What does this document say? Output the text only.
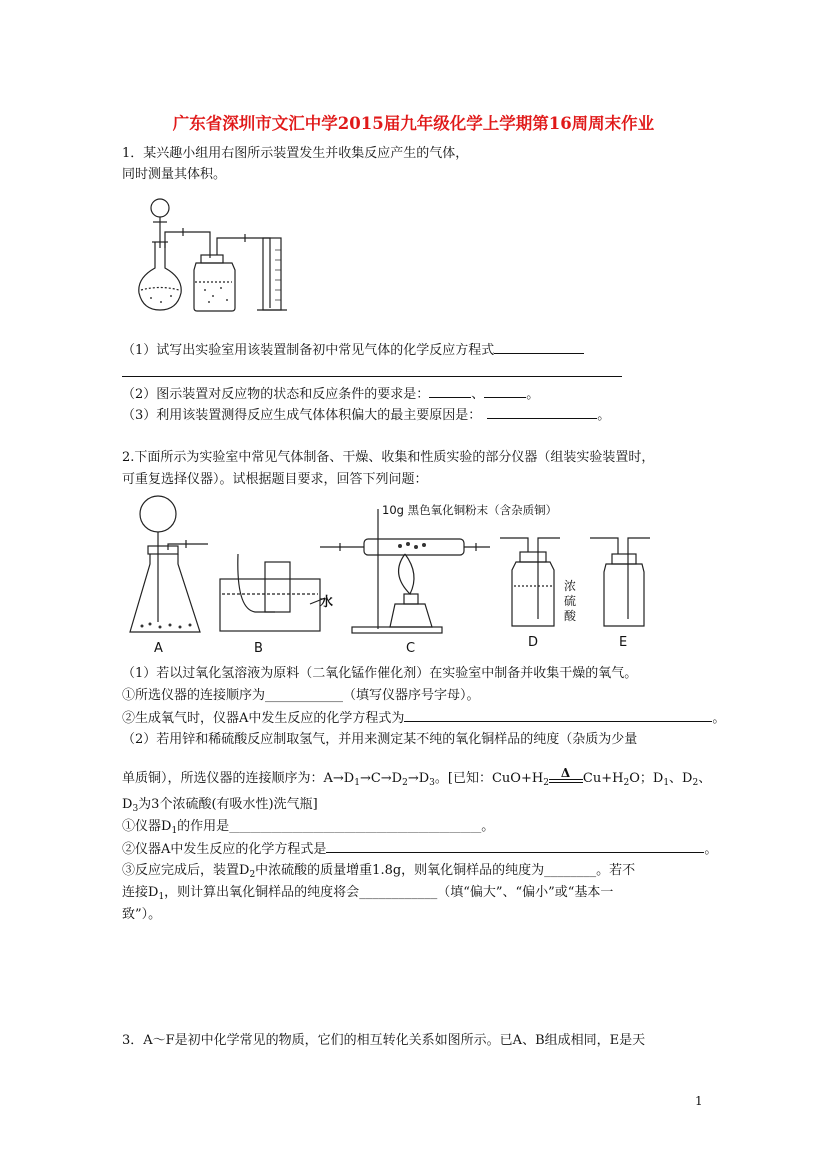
广东省深圳市文汇中学2015届九年级化学上学期第16周周末作业
1．某兴趣小组用右图所示装置发生并收集反应产生的气体，
同时测量其体积。
（1）试写出实验室用该装置制备初中常见气体的化学反应方程式
（2）图示装置对反应物的状态和反应条件的要求是：	、	。
（3）利用该装置测得反应生成气体体积偏大的最主要原因是：	。
2.下面所示为实验室中常见气体制备、干燥、收集和性质实验的部分仪器（组装实验装置时，
可重复选择仪器）。试根据题目要求，回答下列问题：
10g 黑色氧化铜粉末（含杂质铜）
水
浓
硫
酸
A	B	C	D	E
（1）若以过氧化氢溶液为原料（二氧化锰作催化剂）在实验室中制备并收集干燥的氧气。
①所选仪器的连接顺序为____________（填写仪器序号字母）。
②生成氧气时，仪器A中发生反应的化学方程式为	。
（2）若用锌和稀硫酸反应制取氢气，并用来测定某不纯的氧化铜样品的纯度（杂质为少量
单质铜），所选仪器的连接顺序为：$A\to D_1\to C\to D_2\to D_3$。[已知：$CuO+H_2$
Δ $Cu+H_2O$；$D_1$、$D_2$、
$D_3$为3个浓硫酸(有吸水性)洗气瓶]
①仪器$D_1$的作用是________________________________________________。
②仪器A中发生反应的化学方程式是	。
③反应完成后，装置$D_2$中浓硫酸的质量增重1.8g，则氧化铜样品的纯度为________。若不
连接$D_1$，则计算出氧化铜样品的纯度将会____________（填“偏大”、“偏小”或“基本一
致”）。
3．A～F是初中化学常见的物质，它们的相互转化关系如图所示。已A、B组成相同，E是天
1
